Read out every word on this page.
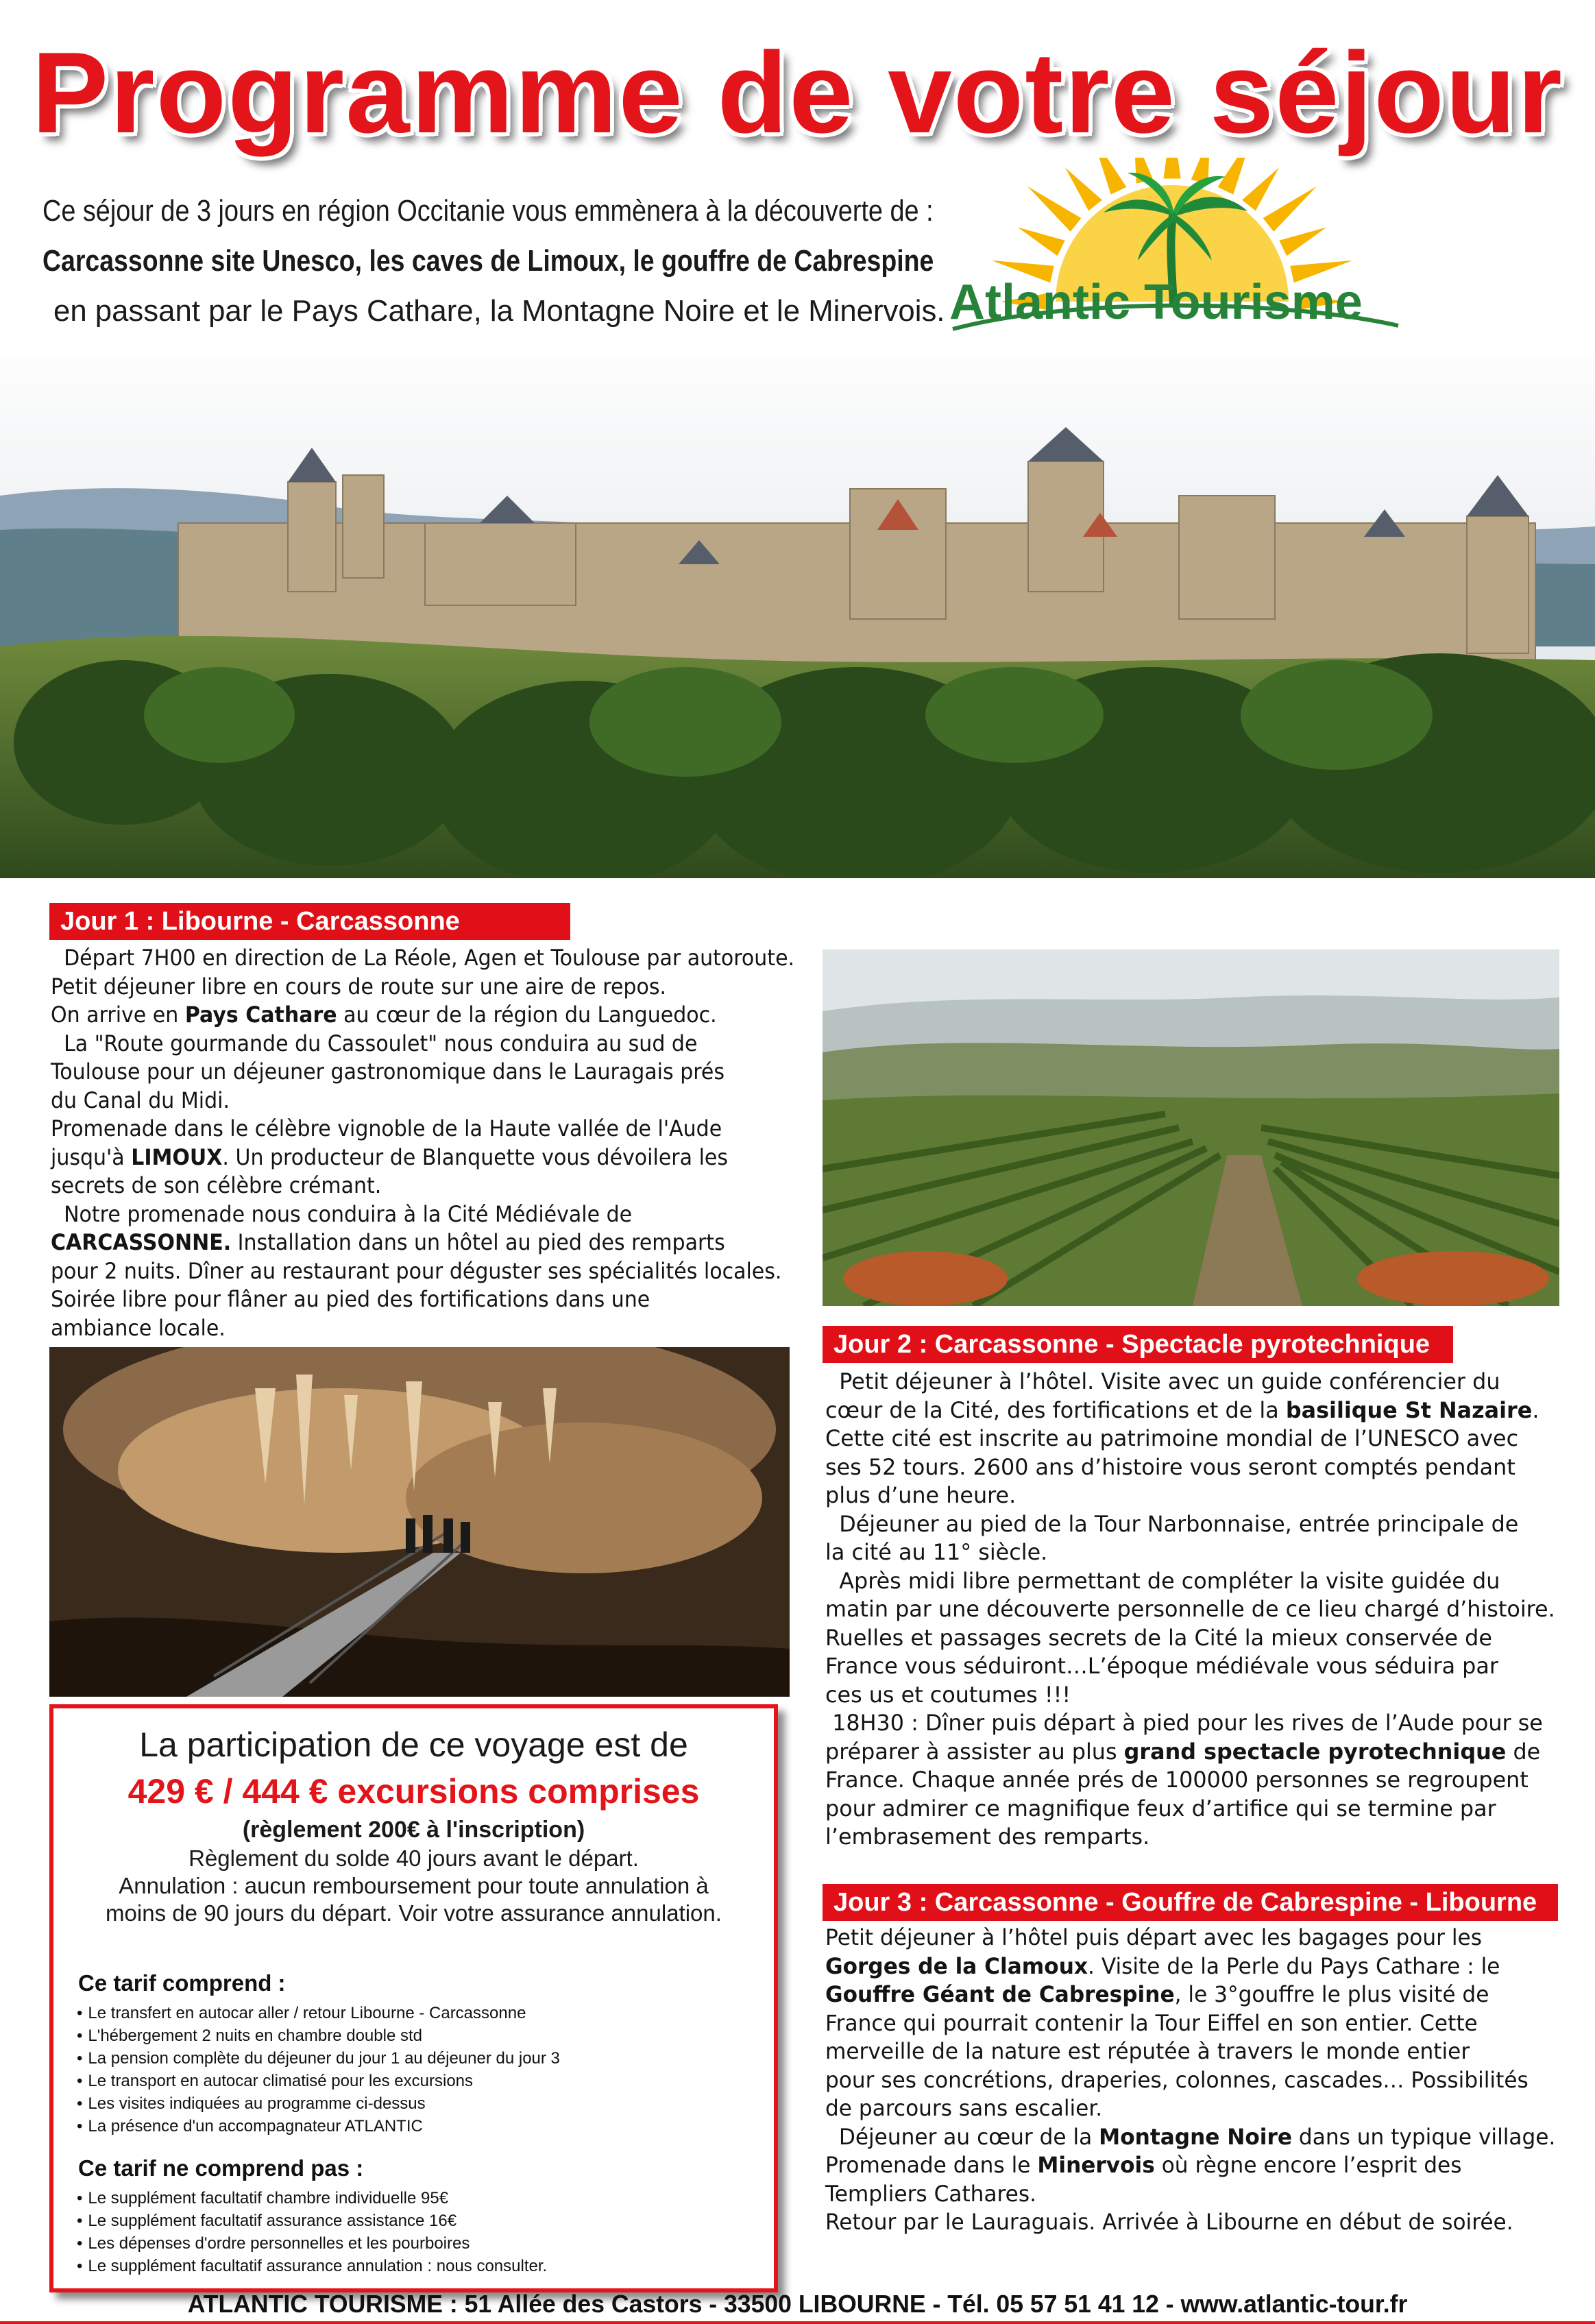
Programme de votre séjour
Ce séjour de 3 jours en région Occitanie vous emmènera à la découverte de :
Carcassonne site Unesco, les caves de Limoux, le gouffre de Cabrespine
en passant par le Pays Cathare, la Montagne Noire et le Minervois. Atlantic Tourisme
Jour 1 : Libourne - Carcassonne
Départ 7H00 en direction de La Réole, Agen et Toulouse par autoroute.
Petit déjeuner libre en cours de route sur une aire de repos.
On arrive en Pays Cathare au cœur de la région du Languedoc.
La "Route gourmande du Cassoulet" nous conduira au sud de
Toulouse pour un déjeuner gastronomique dans le Lauragais prés
du Canal du Midi.
Promenade dans le célèbre vignoble de la Haute vallée de l'Aude
jusqu'à LIMOUX. Un producteur de Blanquette vous dévoilera les
secrets de son célèbre crémant.
Notre promenade nous conduira à la Cité Médiévale de
CARCASSONNE. Installation dans un hôtel au pied des remparts
pour 2 nuits. Dîner au restaurant pour déguster ses spécialités locales.
Soirée libre pour flâner au pied des fortifications dans une
ambiance locale.
Jour 2 : Carcassonne - Spectacle pyrotechnique
Petit déjeuner à l’hôtel. Visite avec un guide conférencier du
cœur de la Cité, des fortifications et de la basilique St Nazaire.
Cette cité est inscrite au patrimoine mondial de l’UNESCO avec
ses 52 tours. 2600 ans d’histoire vous seront comptés pendant
plus d’une heure.
Déjeuner au pied de la Tour Narbonnaise, entrée principale de
la cité au 11° siècle.
Après midi libre permettant de compléter la visite guidée du
matin par une découverte personnelle de ce lieu chargé d’histoire.
Ruelles et passages secrets de la Cité la mieux conservée de
France vous séduiront…L’époque médiévale vous séduira par
ces us et coutumes !!!
18H30 : Dîner puis départ à pied pour les rives de l’Aude pour se
préparer à assister au plus grand spectacle pyrotechnique de
France. Chaque année prés de 100000 personnes se regroupent
pour admirer ce magnifique feux d’artifice qui se termine par
l’embrasement des remparts.
Jour 3 : Carcassonne - Gouffre de Cabrespine - Libourne
Petit déjeuner à l’hôtel puis départ avec les bagages pour les
Gorges de la Clamoux. Visite de la Perle du Pays Cathare : le
Gouffre Géant de Cabrespine, le 3°gouffre le plus visité de
France qui pourrait contenir la Tour Eiffel en son entier. Cette
merveille de la nature est réputée à travers le monde entier
pour ses concrétions, draperies, colonnes, cascades… Possibilités
de parcours sans escalier.
Déjeuner au cœur de la Montagne Noire dans un typique village.
Promenade dans le Minervois où règne encore l’esprit des
Templiers Cathares.
Retour par le Lauraguais. Arrivée à Libourne en début de soirée.
La participation de ce voyage est de
429 € / 444 € excursions comprises
(règlement 200€ à l'inscription)
Règlement du solde 40 jours avant le départ.
Annulation : aucun remboursement pour toute annulation à
moins de 90 jours du départ. Voir votre assurance annulation.
Ce tarif comprend :
• Le transfert en autocar aller / retour Libourne - Carcassonne
• L'hébergement 2 nuits en chambre double std
• La pension complète du déjeuner du jour 1 au déjeuner du jour 3
• Le transport en autocar climatisé pour les excursions
• Les visites indiquées au programme ci-dessus
• La présence d'un accompagnateur ATLANTIC
Ce tarif ne comprend pas :
• Le supplément facultatif chambre individuelle 95€
• Le supplément facultatif assurance assistance 16€
• Les dépenses d'ordre personnelles et les pourboires
• Le supplément facultatif assurance annulation : nous consulter.
ATLANTIC TOURISME : 51 Allée des Castors - 33500 LIBOURNE - Tél. 05 57 51 41 12 - www.atlantic-tour.fr
